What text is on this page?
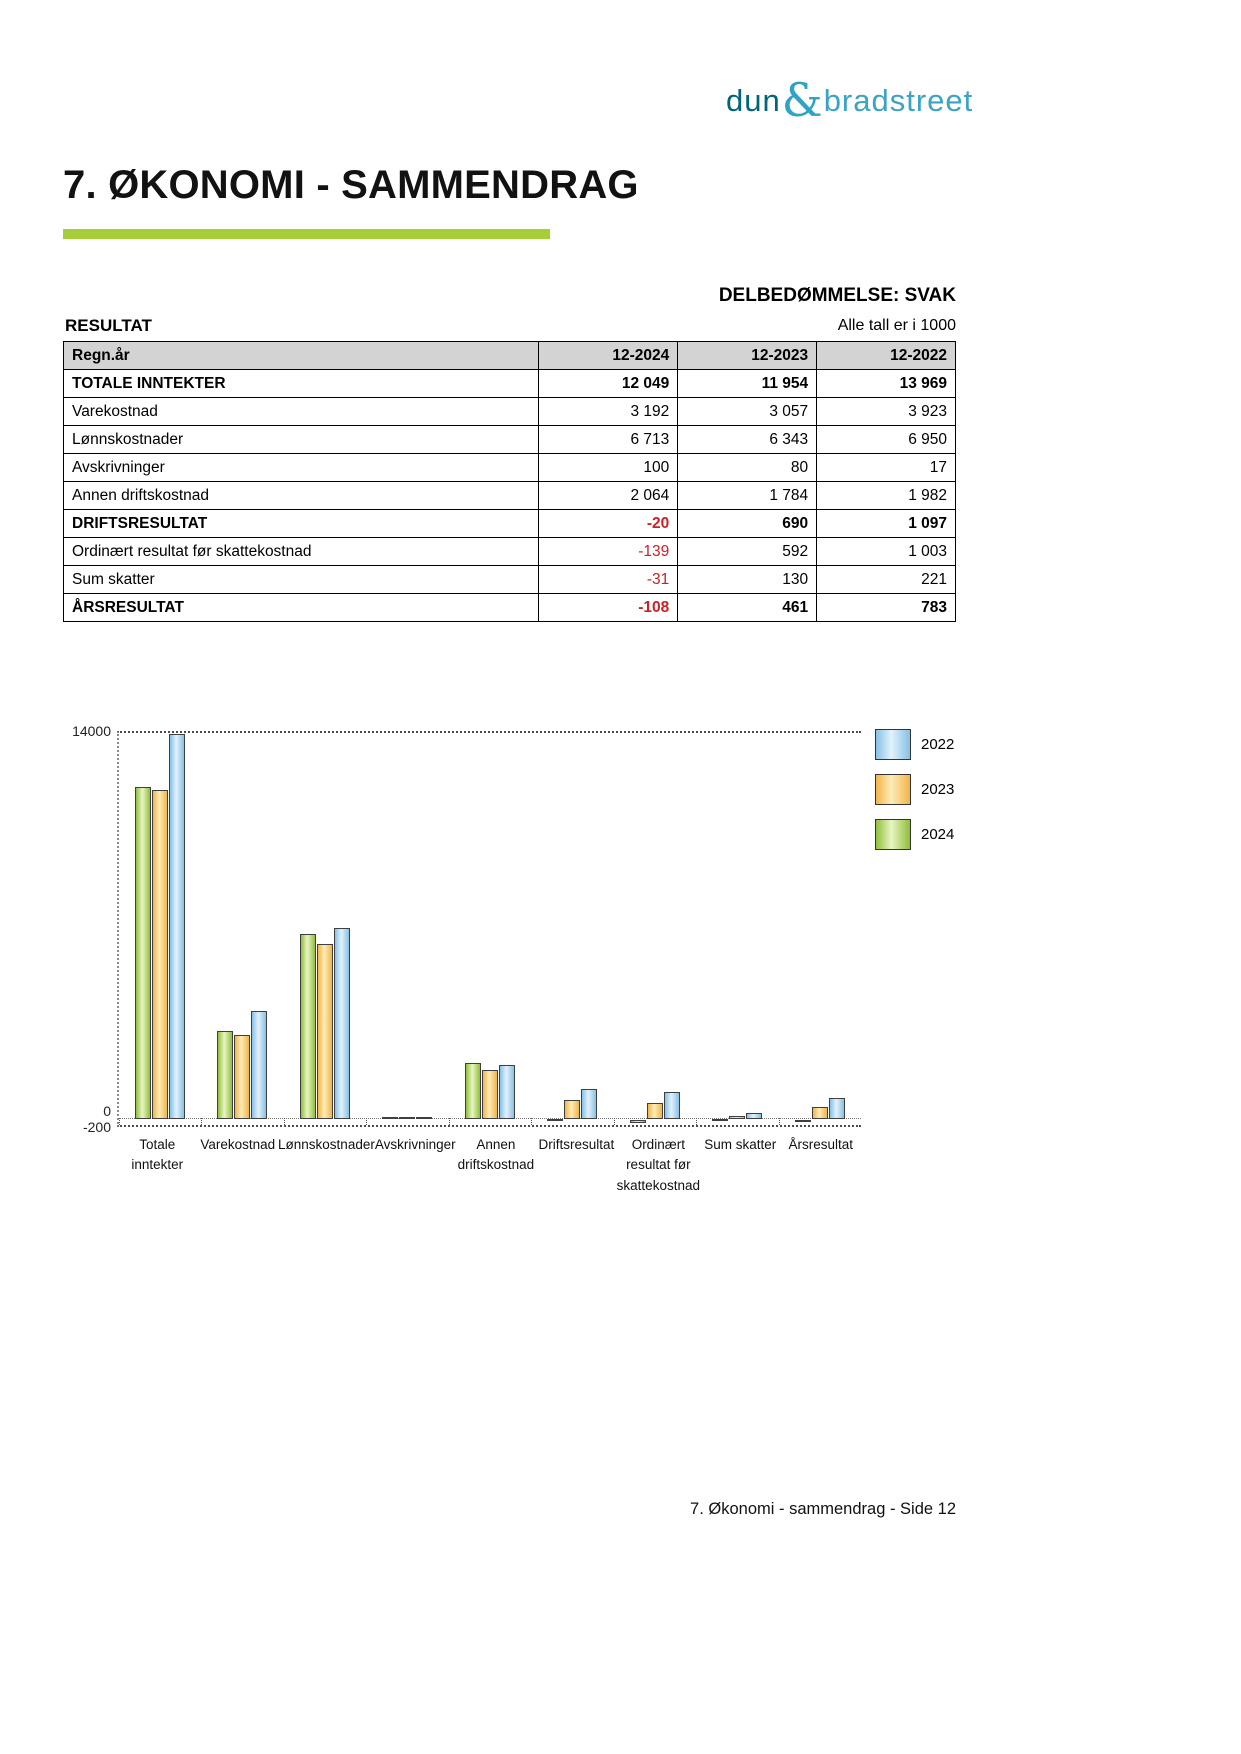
dun & bradstreet
7. ØKONOMI - SAMMENDRAG
DELBEDØMMELSE: SVAK
RESULTAT	Alle tall er i 1000
Regn.år	12-2024	12-2023	12-2022
TOTALE INNTEKTER	12 049	11 954	13 969
Varekostnad	3 192	3 057	3 923
Lønnskostnader	6 713	6 343	6 950
Avskrivninger	100	80	17
Annen driftskostnad	2 064	1 784	1 982
DRIFTSRESULTAT	-20	690	1 097
Ordinært resultat før skattekostnad	-139	592	1 003
Sum skatter	-31	130	221
ÅRSRESULTAT	-108	461	783
14000
0
-200
Totale
inntekter
Varekostnad Lønnskostnader Avskrivninger	Annen
driftskostnad
Driftsresultat	Ordinært
resultat før
skattekostnad
Sum skatter Årsresultat
2022
2023
2024
7. Økonomi - sammendrag - Side 12
